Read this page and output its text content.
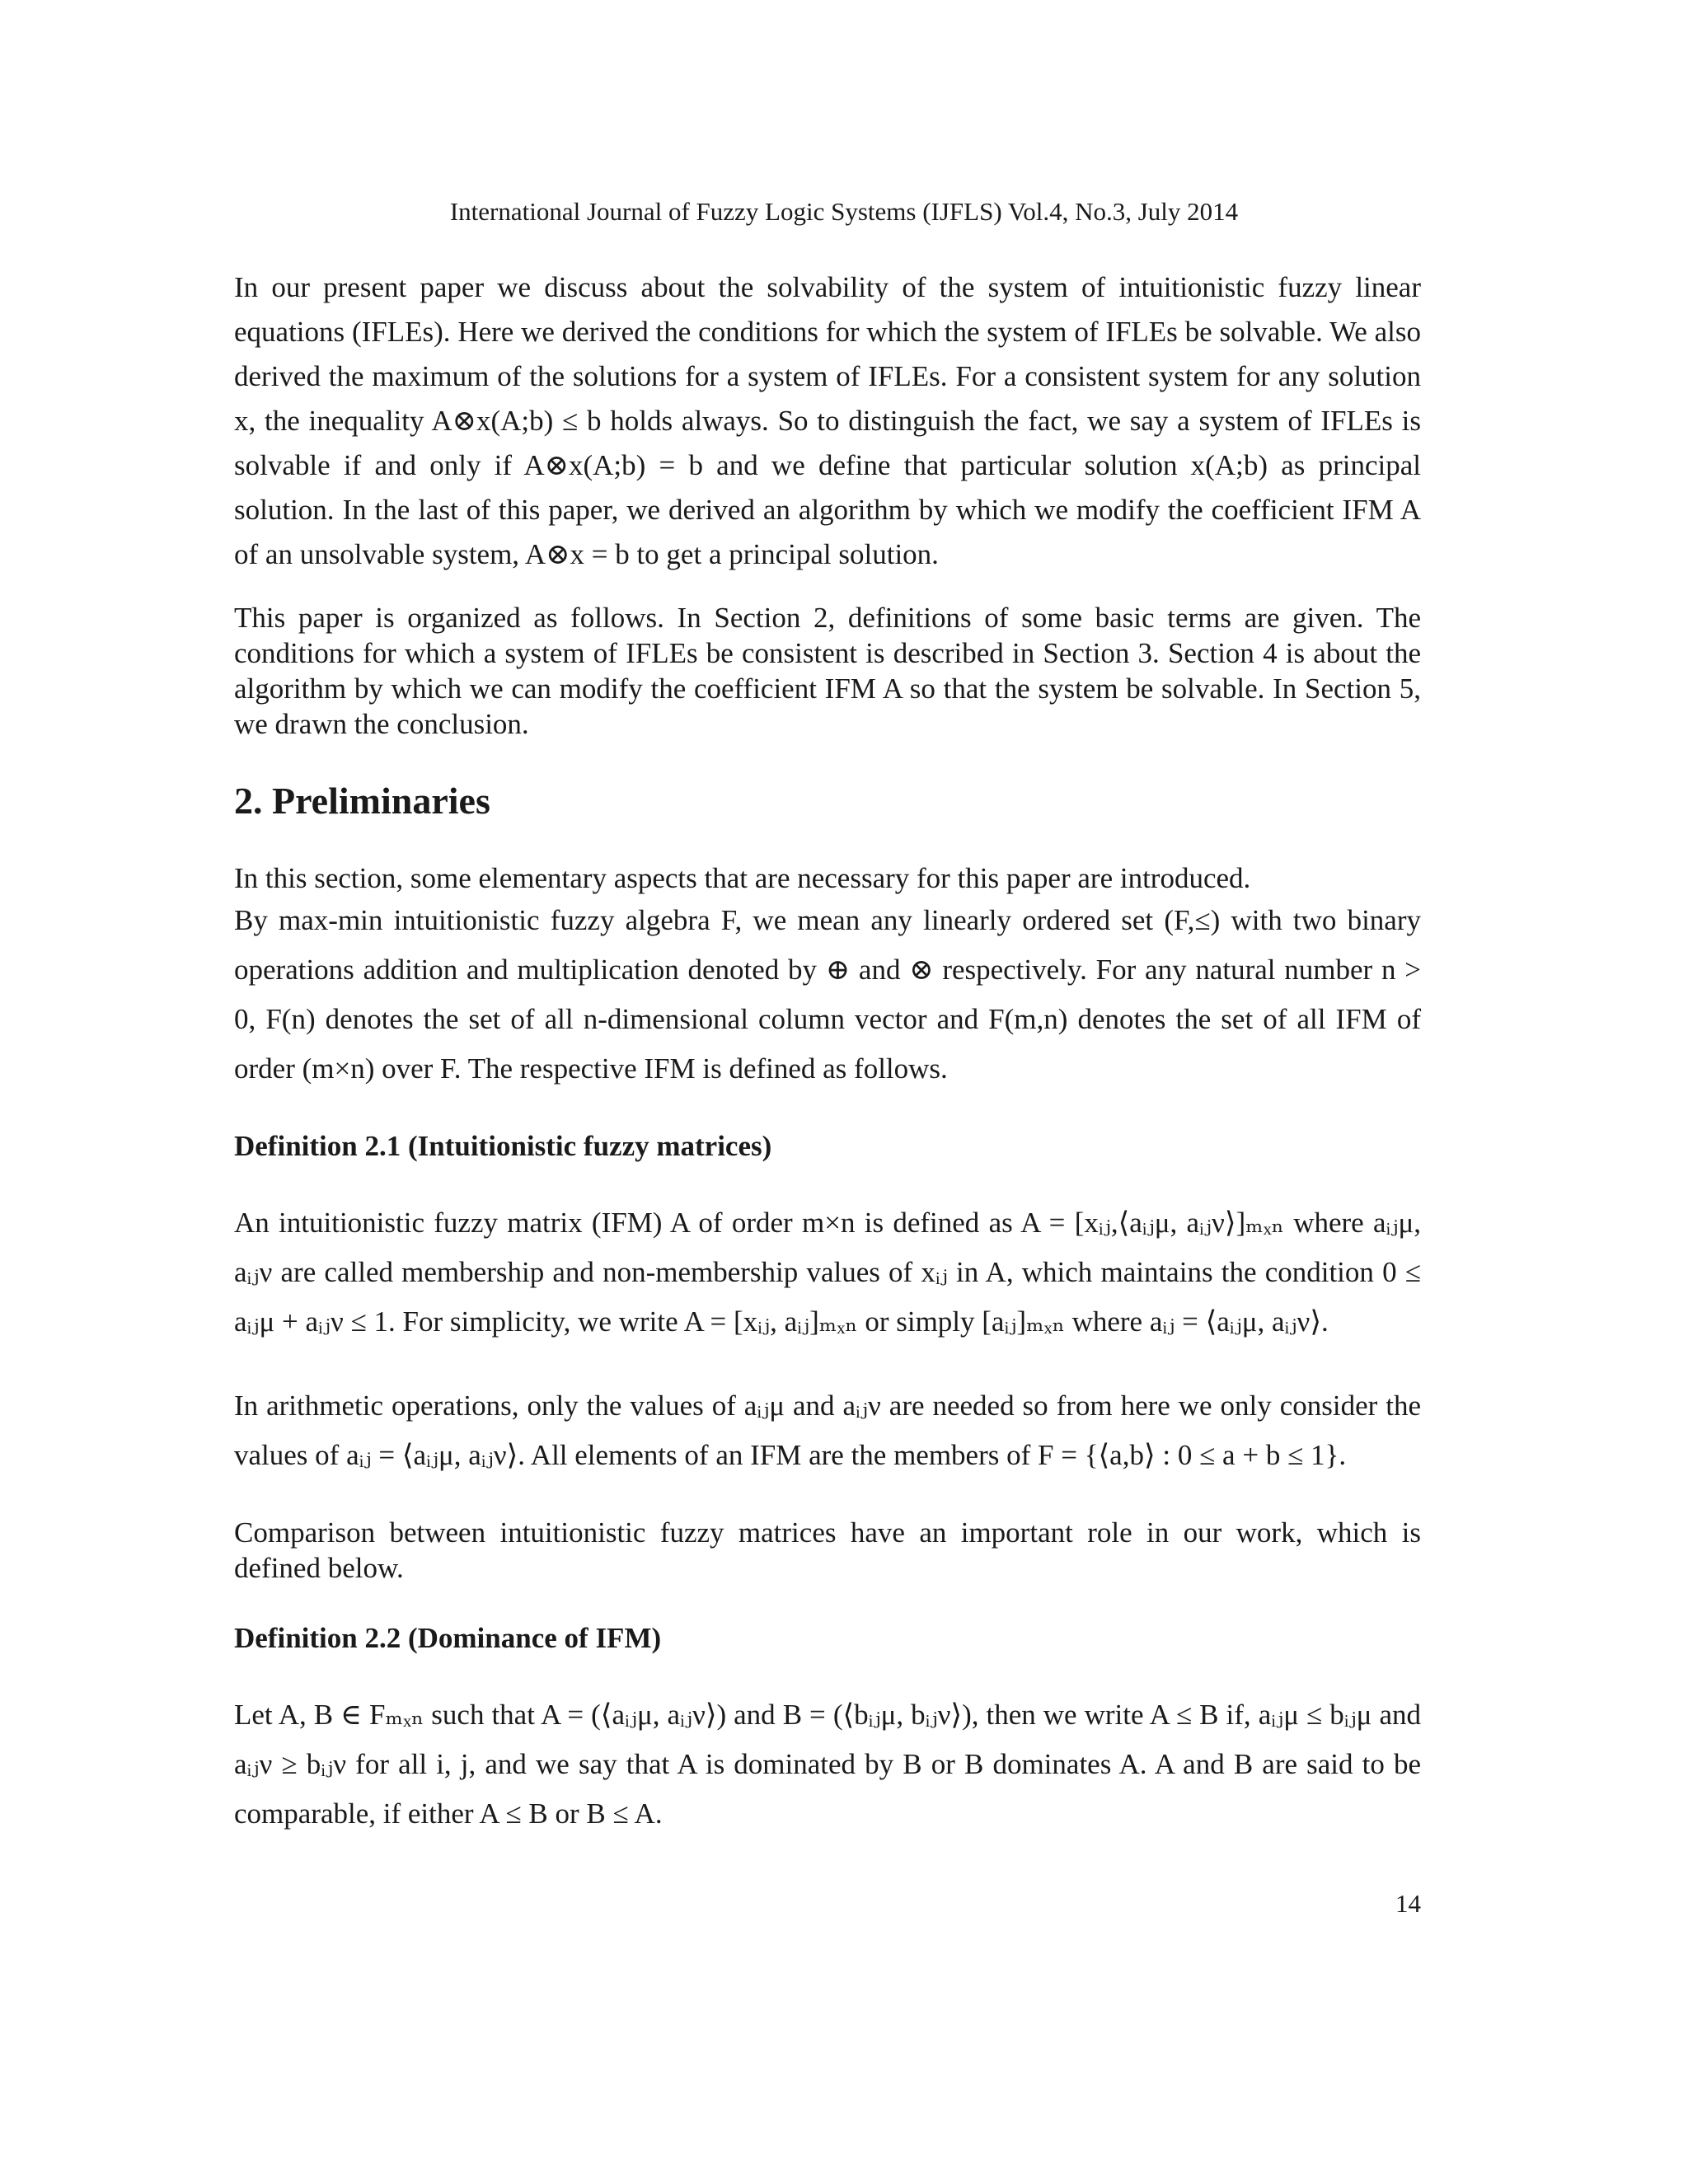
International Journal of Fuzzy Logic Systems (IJFLS) Vol.4, No.3, July 2014

In our present paper we discuss about the solvability of the system of intuitionistic fuzzy linear equations (IFLEs). Here we derived the conditions for which the system of IFLEs be solvable. We also derived the maximum of the solutions for a system of IFLEs. For a consistent system for any solution x, the inequality A⊗x(A;b) ≤ b holds always. So to distinguish the fact, we say a system of IFLEs is solvable if and only if A⊗x(A;b) = b and we define that particular solution x(A;b) as principal solution. In the last of this paper, we derived an algorithm by which we modify the coefficient IFM A of an unsolvable system, A⊗x = b to get a principal solution.

This paper is organized as follows. In Section 2, definitions of some basic terms are given. The conditions for which a system of IFLEs be consistent is described in Section 3. Section 4 is about the algorithm by which we can modify the coefficient IFM A so that the system be solvable. In Section 5, we drawn the conclusion.

2. Preliminaries

In this section, some elementary aspects that are necessary for this paper are introduced.

By max-min intuitionistic fuzzy algebra F, we mean any linearly ordered set (F,≤) with two binary operations addition and multiplication denoted by ⊕ and ⊗ respectively. For any natural number n > 0, F(n) denotes the set of all n-dimensional column vector and F(m,n) denotes the set of all IFM of order (m×n) over F. The respective IFM is defined as follows.

Definition 2.1 (Intuitionistic fuzzy matrices)

An intuitionistic fuzzy matrix (IFM) A of order m×n is defined as A = [xᵢⱼ,⟨aᵢⱼμ, aᵢⱼν⟩]ₘₓₙ where aᵢⱼμ, aᵢⱼν are called membership and non-membership values of xᵢⱼ in A, which maintains the condition 0 ≤ aᵢⱼμ + aᵢⱼν ≤ 1. For simplicity, we write A = [xᵢⱼ, aᵢⱼ]ₘₓₙ or simply [aᵢⱼ]ₘₓₙ where aᵢⱼ = ⟨aᵢⱼμ, aᵢⱼν⟩.

In arithmetic operations, only the values of aᵢⱼμ and aᵢⱼν are needed so from here we only consider the values of aᵢⱼ = ⟨aᵢⱼμ, aᵢⱼν⟩. All elements of an IFM are the members of F = {⟨a,b⟩ : 0 ≤ a + b ≤ 1}.

Comparison between intuitionistic fuzzy matrices have an important role in our work, which is defined below.

Definition 2.2 (Dominance of IFM)

Let A, B ∈ Fₘₓₙ such that A = (⟨aᵢⱼμ, aᵢⱼν⟩) and B = (⟨bᵢⱼμ, bᵢⱼν⟩), then we write A ≤ B if, aᵢⱼμ ≤ bᵢⱼμ and aᵢⱼν ≥ bᵢⱼν for all i, j, and we say that A is dominated by B or B dominates A. A and B are said to be comparable, if either A ≤ B or B ≤ A.

14
